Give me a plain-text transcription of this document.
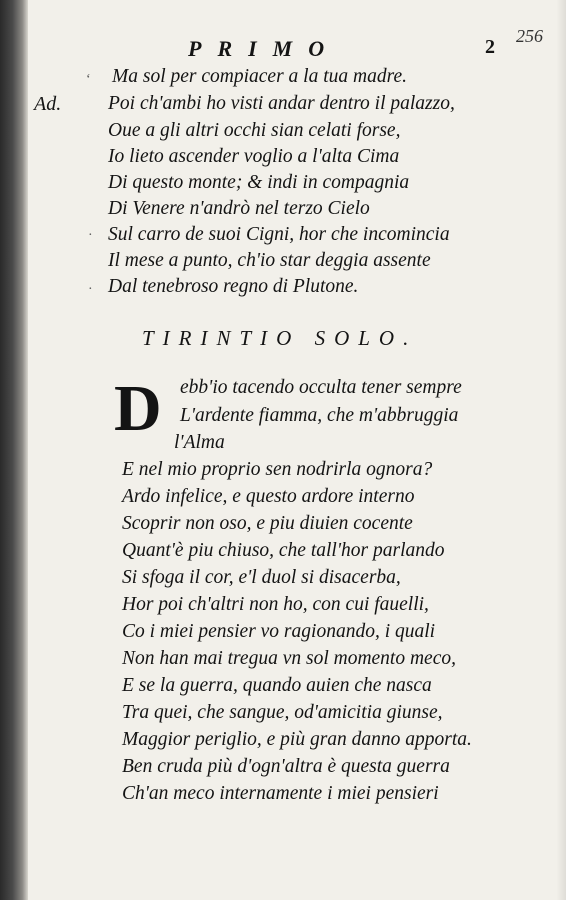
PRIMO	2 256
‘
·
·
Ad.
Ma sol per compiacer a la tua madre.
Poi ch'ambi ho visti andar dentro il palazzo,
Oue a gli altri occhi sian celati forse,
Io lieto ascender voglio a l'alta Cima
Di questo monte; & indi in compagnia
Di Venere n'andrò nel terzo Cielo
Sul carro de suoi Cigni, hor che incomincia
Il mese a punto, ch'io star deggia assente
Dal tenebroso regno di Plutone.
TIRINTIO SOLO.
D ebb'io tacendo occulta tener sempre
L'ardente fiamma, che m'abbruggia
l'Alma
E nel mio proprio sen nodrirla ognora?
Ardo infelice, e questo ardore interno
Scoprir non oso, e piu diuien cocente
Quant'è piu chiuso, che tall'hor parlando
Si sfoga il cor, e'l duol si disacerba,
Hor poi ch'altri non ho, con cui fauelli,
Co i miei pensier vo ragionando, i quali
Non han mai tregua vn sol momento meco,
E se la guerra, quando auien che nasca
Tra quei, che sangue, od'amicitia giunse,
Maggior periglio, e più gran danno apporta.
Ben cruda più d'ogn'altra è questa guerra
Ch'an meco internamente i miei pensieri
